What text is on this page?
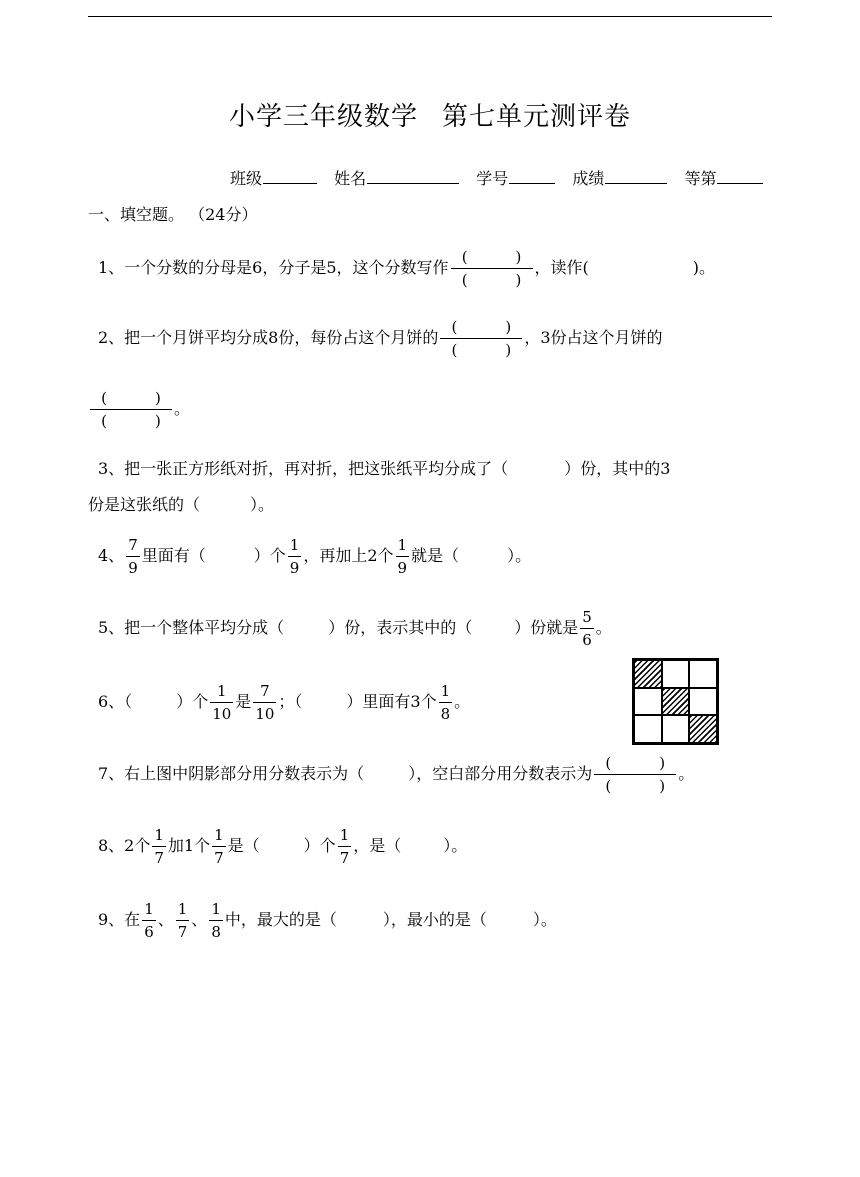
小学三年级数学 第七单元测评卷
班级	姓名	学号	成绩	等第
一、填空题。 （24分）
1、一个分数的分母是6，分子是5，这个分数写作 (	)
(	) ，读作(	)。
2、把一个月饼平均分成8份，每份占这个月饼的 (	)
(	) ，3份占这个月饼的
(	)
(	) 。
3、把一张正方形纸对折，再对折，把这张纸平均分成了（	）份，其中的3
份是这张纸的（	）。
4、 $\frac{7}{9}$ 里面有（	）个 $\frac{1}{9}$ ，再加上2个 $\frac{1}{9}$ 就是（	）。
5、把一个整体平均分成（	）份，表示其中的（	）份就是 $\frac{5}{6}$ 。
6、（	）个 $\frac{1}{10}$ 是 $\frac{7}{10}$ ；（	）里面有3个 $\frac{1}{8}$ 。
7、右上图中阴影部分用分数表示为（	），空白部分用分数表示为 (	)
(	) 。
8、2个 $\frac{1}{7}$ 加1个 $\frac{1}{7}$ 是（	）个 $\frac{1}{7}$ ，是（	）。
9、在 $\frac{1}{6}$ 、 $\frac{1}{7}$ 、 $\frac{1}{8}$ 中，最大的是（	），最小的是（	）。
